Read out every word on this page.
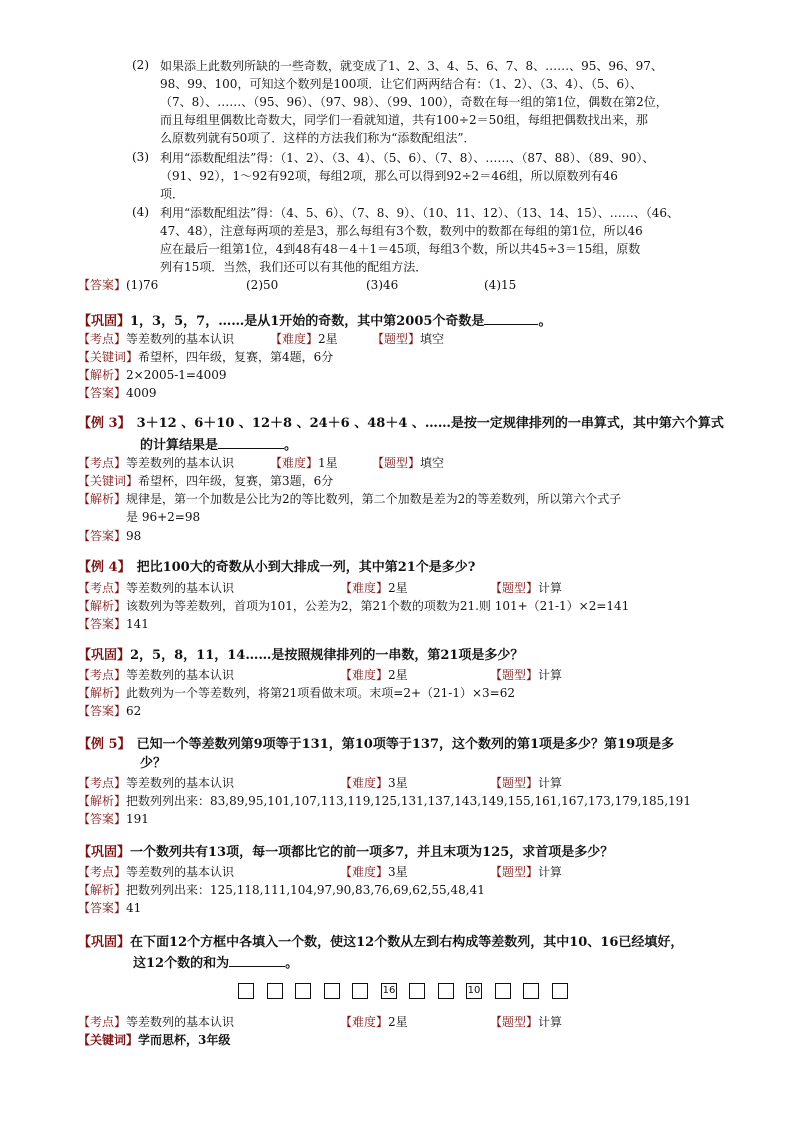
(2) 如果添上此数列所缺的一些奇数，就变成了1、2、3、4、5、6、7、8、……、95、96、97、
98、99、100，可知这个数列是100项．让它们两两结合有：（1、2）、（3、4）、（5、6）、
（7、8）、……、（95、96）、（97、98）、（99、100），奇数在每一组的第1位，偶数在第2位，
而且每组里偶数比奇数大，同学们一看就知道，共有100÷2＝50组，每组把偶数找出来，那
么原数列就有50项了．这样的方法我们称为“添数配组法”．
(3) 利用“添数配组法”得：（1、2）、（3、4）、（5、6）、（7、8）、……、（87、88）、（89、90）、
（91、92），1～92有92项，每组2项，那么可以得到92÷2＝46组，所以原数列有46
项．
(4) 利用“添数配组法”得：（4、5、6）、（7、8、9）、（10、11、12）、（13、14、15）、……、（46、
47、48），注意每两项的差是3，那么每组有3个数，数列中的数都在每组的第1位，所以46
应在最后一组第1位，4到48有48－4＋1＝45项，每组3个数，所以共45÷3＝15组，原数
列有15项．当然，我们还可以有其他的配组方法．
【答案】 (1)76	(2)50	(3)46	(4)15
【巩固】1，3，5，7，……是从1开始的奇数，其中第2005个奇数是	。
【考点】等差数列的基本认识	【难度】 2星	【题型】 填空
【关键词】希望杯，四年级，复赛，第4题，6分
【解析】2×2005-1=4009
【答案】4009
【例 3】 3＋12 、6＋10 、12＋8 、24＋6 、48＋4 、……是按一定规律排列的一串算式，其中第六个算式
的计算结果是	。
【考点】等差数列的基本认识	【难度】 1星	【题型】 填空
【关键词】希望杯，四年级，复赛，第3题，6分
【解析】规律是，第一个加数是公比为2的等比数列，第二个加数是差为2的等差数列，所以第六个式子
是 96+2=98
【答案】98
【例 4】 把比100大的奇数从小到大排成一列，其中第21个是多少?
【考点】等差数列的基本认识	【难度】 2星	【题型】 计算
【解析】该数列为等差数列，首项为101，公差为2，第21个数的项数为21.则 101+（21-1）×2=141
【答案】141
【巩固】2，5，8，11，14……是按照规律排列的一串数，第21项是多少？
【考点】等差数列的基本认识	【难度】 2星	【题型】 计算
【解析】此数列为一个等差数列，将第21项看做末项。末项=2+（21-1）×3=62
【答案】62
【例 5】 已知一个等差数列第9项等于131，第10项等于137，这个数列的第1项是多少？第19项是多
少？
【考点】等差数列的基本认识	【难度】 3星	【题型】 计算
【解析】把数列列出来：83,89,95,101,107,113,119,125,131,137,143,149,155,161,167,173,179,185,191
【答案】191
【巩固】一个数列共有13项，每一项都比它的前一项多7，并且末项为125，求首项是多少？
【考点】等差数列的基本认识	【难度】 3星	【题型】 计算
【解析】把数列列出来：125,118,111,104,97,90,83,76,69,62,55,48,41
【答案】41
【巩固】在下面12个方框中各填入一个数，使这12个数从左到右构成等差数列，其中10、16已经填好，
这12个数的和为	。
16	10
【考点】等差数列的基本认识	【难度】 2星	【题型】 计算
【关键词】学而思杯，3年级
